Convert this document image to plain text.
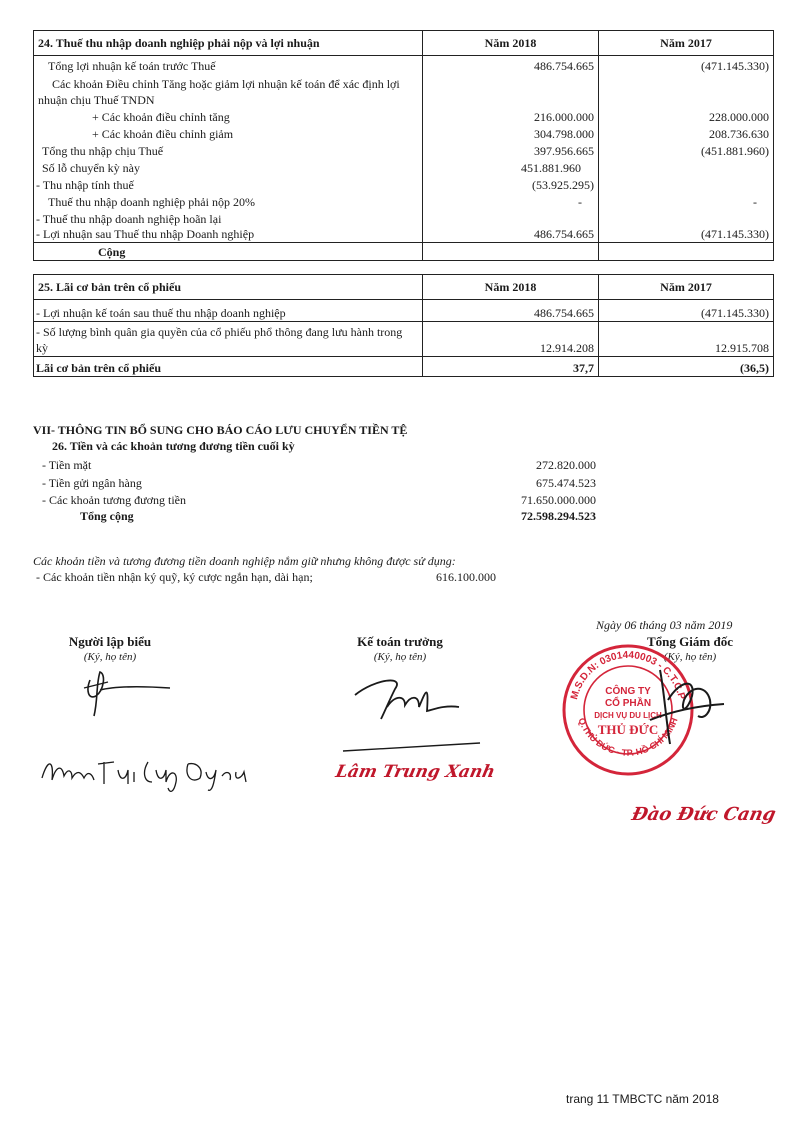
24. Thuế thu nhập doanh nghiệp phải nộp và lợi nhuận	Năm 2018	Năm 2017
Tổng lợi nhuận kế toán trước Thuế	486.754.665	(471.145.330)
Các khoản Điều chỉnh Tăng hoặc giảm lợi nhuận kế toán để xác định lợi		
nhuận chịu Thuế TNDN		
+ Các khoản điều chỉnh tăng	216.000.000	228.000.000
+ Các khoản điều chỉnh giảm	304.798.000	208.736.630
Tổng thu nhập chịu Thuế	397.956.665	(451.881.960)
Số lỗ chuyển kỳ này	451.881.960	
- Thu nhập tính thuế	(53.925.295)	
Thuế thu nhập doanh nghiệp phải nộp 20%	-	-
- Thuế thu nhập doanh nghiệp hoãn lại		
- Lợi nhuận sau Thuế thu nhập Doanh nghiệp	486.754.665	(471.145.330)
Cộng		
25. Lãi cơ bản trên cổ phiếu	Năm 2018	Năm 2017
- Lợi nhuận kế toán sau thuế thu nhập doanh nghiệp	486.754.665	(471.145.330)
- Số lượng bình quân gia quyền của cổ phiếu phổ thông đang lưu hành trong		
kỳ	12.914.208	12.915.708
Lãi cơ bản trên cổ phiếu	37,7	(36,5)
VII- THÔNG TIN BỔ SUNG CHO BÁO CÁO LƯU CHUYỂN TIỀN TỆ
26. Tiền và các khoản tương đương tiền cuối kỳ
- Tiền mặt	272.820.000
- Tiền gửi ngân hàng	675.474.523
- Các khoản tương đương tiền	71.650.000.000
Tổng cộng	72.598.294.523
Các khoản tiền và tương đương tiền doanh nghiệp nắm giữ nhưng không được sử dụng:
- Các khoản tiền nhận ký quỹ, ký cược ngắn hạn, dài hạn;	616.100.000
Ngày 06 tháng 03 năm 2019
Người lập biểu
(Ký, họ tên)
Kế toán trưởng
(Ký, họ tên)
Tổng Giám đốc
(Ký, họ tên)
Lâm Trung Xanh
M.S.D.N: 0301440003 - C.T.C.P
Q.THỦ ĐỨC - TP. HỒ CHÍ MINH
CÔNG TY
CỔ PHẦN
DỊCH VỤ DU LỊCH
THỦ ĐỨC
Đào Đức Cang
trang 11 TMBCTC năm 2018
